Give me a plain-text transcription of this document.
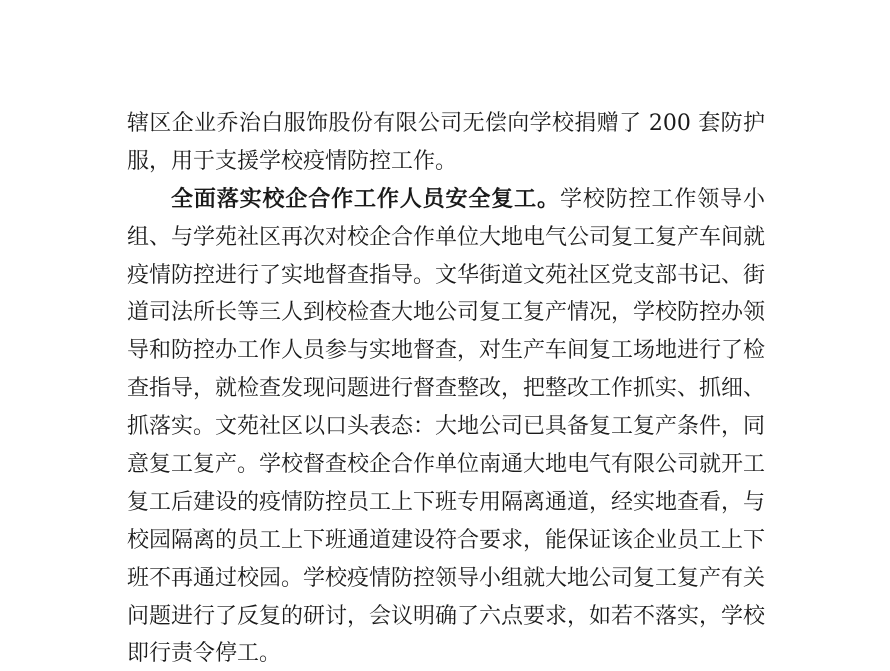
辖区企业乔治白服饰股份有限公司无偿向学校捐赠了 200 套防护
服，用于支援学校疫情防控工作。
全面落实校企合作工作人员安全复工。学校防控工作领导小
组、与学苑社区再次对校企合作单位大地电气公司复工复产车间就
疫情防控进行了实地督查指导。文华街道文苑社区党支部书记、街
道司法所长等三人到校检查大地公司复工复产情况，学校防控办领
导和防控办工作人员参与实地督查，对生产车间复工场地进行了检
查指导，就检查发现问题进行督查整改，把整改工作抓实、抓细、
抓落实。文苑社区以口头表态：大地公司已具备复工复产条件，同
意复工复产。学校督查校企合作单位南通大地电气有限公司就开工
复工后建设的疫情防控员工上下班专用隔离通道，经实地查看，与
校园隔离的员工上下班通道建设符合要求，能保证该企业员工上下
班不再通过校园。学校疫情防控领导小组就大地公司复工复产有关
问题进行了反复的研讨，会议明确了六点要求，如若不落实，学校
即行责令停工。
